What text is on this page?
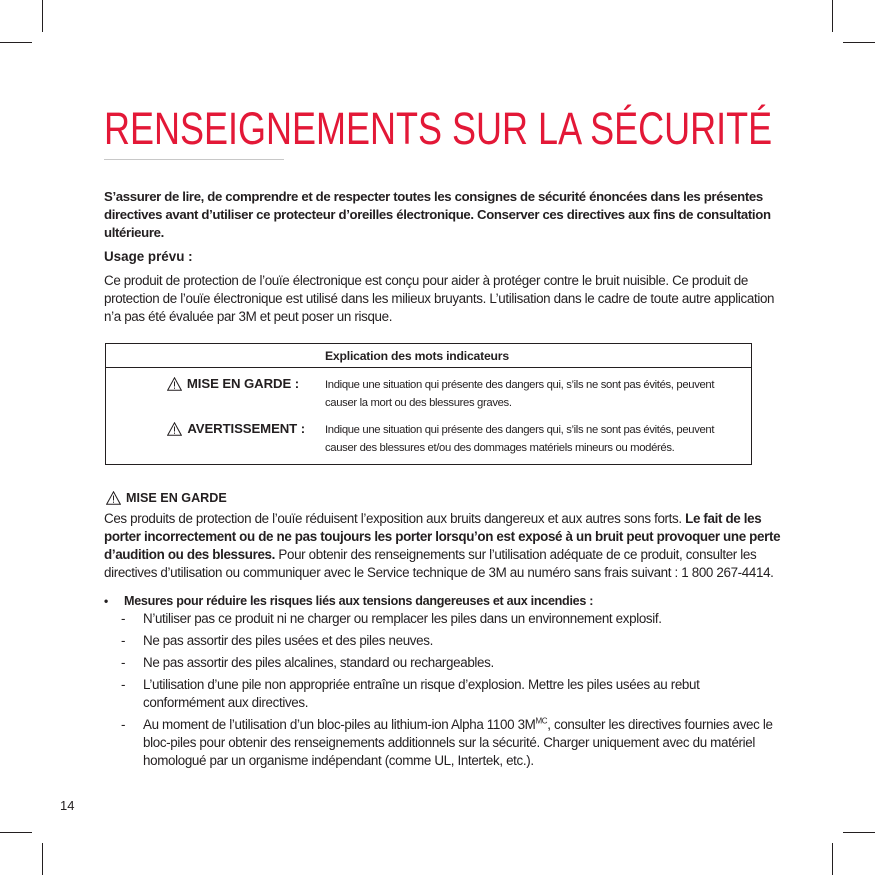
RENSEIGNEMENTS SUR LA SÉCURITÉ

S’assurer de lire, de comprendre et de respecter toutes les consignes de sécurité énoncées dans les présentes directives avant d’utiliser ce protecteur d’oreilles électronique. Conserver ces directives aux fins de consultation ultérieure.

Usage prévu :

Ce produit de protection de l’ouïe électronique est conçu pour aider à protéger contre le bruit nuisible. Ce produit de protection de l’ouïe électronique est utilisé dans les milieux bruyants. L’utilisation dans le cadre de toute autre application n’a pas été évaluée par 3M et peut poser un risque.

Explication des mots indicateurs
MISE EN GARDE : Indique une situation qui présente des dangers qui, s’ils ne sont pas évités, peuvent causer la mort ou des blessures graves.
AVERTISSEMENT : Indique une situation qui présente des dangers qui, s’ils ne sont pas évités, peuvent causer des blessures et/ou des dommages matériels mineurs ou modérés.
MISE EN GARDE

Ces produits de protection de l’ouïe réduisent l’exposition aux bruits dangereux et aux autres sons forts. Le fait de les porter incorrectement ou de ne pas toujours les porter lorsqu’on est exposé à un bruit peut provoquer une perte d’audition ou des blessures. Pour obtenir des renseignements sur l’utilisation adéquate de ce produit, consulter les directives d’utilisation ou communiquer avec le Service technique de 3M au numéro sans frais suivant : 1 800 267-4414.

• Mesures pour réduire les risques liés aux tensions dangereuses et aux incendies :

- N’utiliser pas ce produit ni ne charger ou remplacer les piles dans un environnement explosif.
- Ne pas assortir des piles usées et des piles neuves.
- Ne pas assortir des piles alcalines, standard ou rechargeables.
- L’utilisation d’une pile non appropriée entraîne un risque d’explosion. Mettre les piles usées au rebut conformément aux directives.
- Au moment de l’utilisation d’un bloc-piles au lithium-ion Alpha 1100 $3M^{MC}$, consulter les directives fournies avec le bloc-piles pour obtenir des renseignements additionnels sur la sécurité. Charger uniquement avec du matériel homologué par un organisme indépendant (comme UL, Intertek, etc.).
14
